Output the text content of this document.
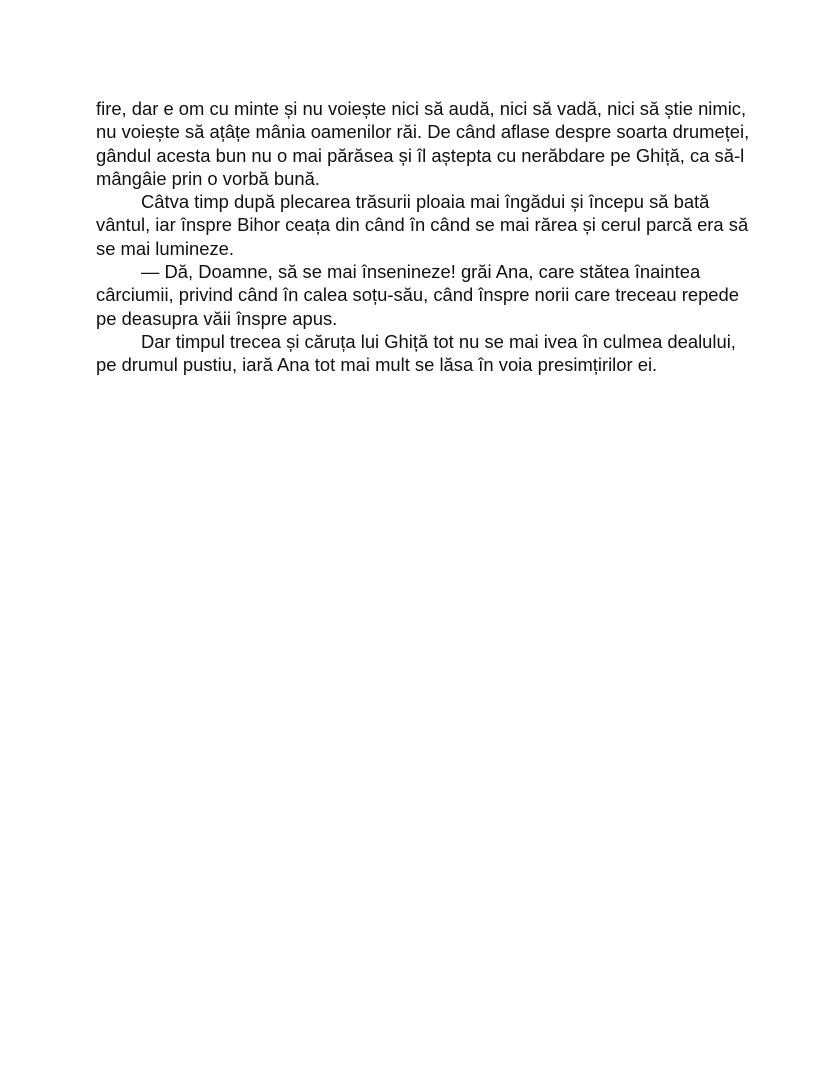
fire, dar e om cu minte și nu voiește nici să audă, nici să vadă, nici să știe nimic, nu voiește să ațâțe mânia oamenilor răi. De când aflase despre soarta drumeței, gândul acesta bun nu o mai părăsea și îl aștepta cu nerăbdare pe Ghiță, ca să-l mângâie prin o vorbă bună.

Câtva timp după plecarea trăsurii ploaia mai îngădui și începu să bată vântul, iar înspre Bihor ceața din când în când se mai rărea și cerul parcă era să se mai lumineze.

— Dă, Doamne, să se mai însenineze! grăi Ana, care stătea înaintea cârciumii, privind când în calea soțu-său, când înspre norii care treceau repede pe deasupra văii înspre apus.

Dar timpul trecea și căruța lui Ghiță tot nu se mai ivea în culmea dealului, pe drumul pustiu, iară Ana tot mai mult se lăsa în voia presimțirilor ei.
